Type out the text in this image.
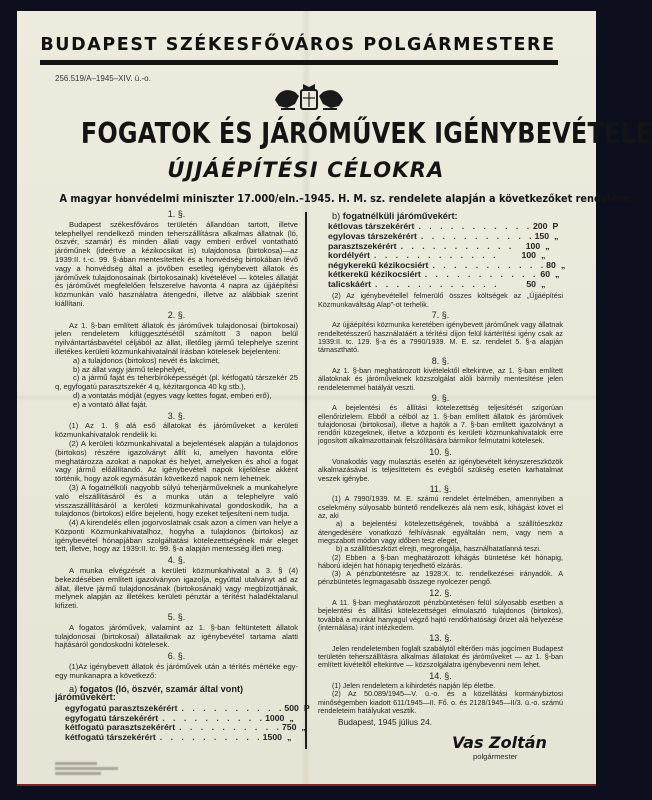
BUDAPEST SZÉKESFŐVÁROS POLGÁRMESTERE
256.519/A–1945–XIV. ü.-o.
FOGATOK ÉS JÁRÓMŰVEK IGÉNYBEVÉTELE
ÚJJÁÉPÍTÉSI CÉLOKRA
A magyar honvédelmi miniszter 17.000/eln.–1945. H. M. sz. rendelete alapján a következőket rendelem:
1. §.

Budapest székesfőváros területén állandóan tartott, illetve telephellyel rendelkező minden teherszállításra alkalmas állatnak (ló, öszvér, szamár) és minden állati vagy emberi erővel vontatható járóműnek (ideértve a kézikocsikat is) tulajdonosa (birtokosa)—az 1939:II. t.-c. 99. §-ában mentesítettek és a honvédség birtokában lévő vagy a honvédség által a jövőben esetleg igénybevett állatok és járóművek tulajdonosainak (birtokosainak) kivételével — köteles állatját és járóművét megfelelően felszerelve havonta 4 napra az újjáépítési közmunkán való használatra átengedni, illetve az alábbiak szerint kiállítani.

2. §.

Az 1. §-ban említett állatok és járóművek tulajdonosai (birtokosai) jelen rendeletem kifüggesztésétől számított 3 napon belül nyilvántartásbavétel céljából az állat, illetőleg jármű telephelye szerint illetékes kerületi közmunkahivatalnál írásban kötelesek bejelenteni:

a) a tulajdonos (birtokos) nevét és lakcímét,

b) az állat vagy jármű telephelyét,

c) a jármű faját és teherbíróképességét (pl. kétfogatú társzekér 25 q, egyfogatú parasztszekér 4 q, kézitargonca 40 kg stb.),

d) a vontatás módját (egyes vagy kettes fogat, emberi erő),

e) a vontató állat faját.

3. §.

(1) Az 1. § alá eső állatokat és járóműveket a kerületi közmunkahivatalok rendelik ki.

(2) A kerületi közmunkahivatal a bejelentések alapján a tulajdonos (birtokos) részére igazolványt állít ki, amelyen havonta előre meghatározza azokat a napokat és helyet, amelyeken és ahol a fogat vagy jármű előállítandó. Az igénybevételi napok kijelölése akként történik, hogy azok egymásután következő napok nem lehetnek.

(3) A fogatnélküli nagyobb súlyú teherjárműveknek a munkahelyre való elszállításáról és a munka után a telephelyre való visszaszállításáról a kerületi közmunkahivatal gondoskodik, ha a tulajdonos (birtokos) előre bejelenti, hogy ezeket teljesíteni nem tudja.

(4) A kirendelés ellen jogorvoslatnak csak azon a címen van helye a Központi Közmunkahivatalhoz, hogyha a tulajdonos (birtokos) az igénybevétel hónapjában szolgáltatási kötelezettségének már eleget tett, illetve, hogy az 1939:II. tc. 99. §-a alapján mentesség illeti meg.

4. §.

A munka elvégzését a kerületi közmunkahivatal a 3. § (4) bekezdésében említett igazolványon igazolja, egyúttal utalványt ad az állat, illetve jármű tulajdonosának (birtokosának) vagy megbízottjának, melynek alapján az illetékes kerületi pénztár a térítést haladéktalanul kifizeti.

5. §.

A fogatos járóművek, valamint az 1. §-ban feltüntetett állatok tulajdonosai (birtokosai) állataiknak az igénybevétel tartama alatti hajtásáról gondoskodni kötelesek.

6. §.

(1)Az igénybevett állatok és járóművek után a térítés mértéke egy-egy munkanapra a következő:

a) fogatos (ló, öszvér, szamár által vont) járóművekért:
egyfogatú parasztszekérért . . . . . . . . . . 500 P
egyfogatú társzekérért . . . . . . . . . . 1000 „
kétfogatú parasztszekérért . . . . . . . . . . 750 „
kétfogatú társzekérért . . . . . . . . . . 1500 „
b) fogatnélküli járóművekért:
kétlovas társzekérért . . . . . . . . . . . 200 P
egylovas társzekérért . . . . . . . . . . . 150 „
parasztszekérért . . . . . . . . . . .	100 „
kordélyért . . . . . . . . . . . .	100 „
négykerekű kézikocsiért . . . . . . . . . . . 80 „
kétkerekű kézikocsiért . . . . . . . . . . . 60 „
talicskáért . . . . . . . . . . . .	50 „

(2) Az igénybevétellel felmerülő összes költségek az „Újjáépítési Közmunkaváltság Alap"-ot terhelik.

7. §.

Az újjáépítési közmunka keretében igénybevett járóműnek vagy állatnak rendeltetésszerű használatáért a térítési díjon felül kártérítési igény csak az 1939:II. tc. 129. §-a és a 7990/1939. M. E. sz. rendelet 5. §-a alapján támasztható.

8. §.

Az 1. §-ban meghatározott kivételektől eltekintve, az 1. §-ban említett állatoknak és járóműveknek közszolgálat alóli bármily mentesítése jelen rendeletemmel hatályát veszti.

9. §.

A bejelentési és állítási kötelezettség teljesítését szigorúan ellenőrizlelem. Ebből a célból az 1. §-ban említett állatok és járóművek tulajdonosai (birtokosai), illetve a hajtók a 7. §-ban említett igazolványt a rendőri közegeknek, illetve a központi és kerületi közmunkahivatalok erre jogosított alkalmazottainak felszólítására bármikor felmutatni kötelesek.

10. §.

Vonakodás vagy mulasztás esetén az igénybevételt kényszereszközök alkalmazásával is teljesíttetem és evégből szükség esetén karhatalmat veszek igénybe.

11. §.

(1) A 7990/1939. M. E. számú rendelet értelmében, amennyiben a cselekmény súlyosabb büntető rendelkezés alá nem esik, kihágást követ el az, aki

a) a bejelentési kötelezettségének, továbbá a szállítóeszköz átengedésére vonatkozó felhívásnak egyáltalán nem, vagy nem a megszabott módon vagy időben tesz eleget,

b) a szállítóeszközt elrejti, megrongálja, használhatatlanná teszi.

(2) Ebben a §-ban meghatározott kihágás büntetése két hónapig, háború idején hat hónapig terjedhető elzárás.

(3) A pénzbüntetésre az 1928:X. tc. rendelkezései irányadók. A pénzbüntetés legmagasabb összege nyolcezer pengő.

12. §.

A 11. §-ban meghatározott pénzbüntetésen felül súlyosabb esetben a bejelentési és állítási kötelezettséget elmulasztó tulajdonos (birtokos), továbbá a munkát hanyagul végző hajtó rendőrhatósági őrizet alá helyezése (internálása) iránt intézkedem.

13. §.

Jelen rendeletemben foglalt szabálytól eltérően más jogcímen Budapest területén teherszállításra alkalmas állatokat és járóműveket — az 1. §-ban említett kivételtől eltekintve — közszolgálatra igénybevenni nem lehet.

14. §.

(1) Jelen rendeletem a kihirdetés napján lép életbe.

(2) Az 50.089/1945—V. ü.-o. és a közellátási kormánybiztosi minőségemben kiadott 611/1945—II. Fő. o. és 2128/1945—II/3. ü.-o. számú rendeleteim hatályukat vesztik.

Budapest, 1945 július 24.
Vas Zoltán
polgármester
